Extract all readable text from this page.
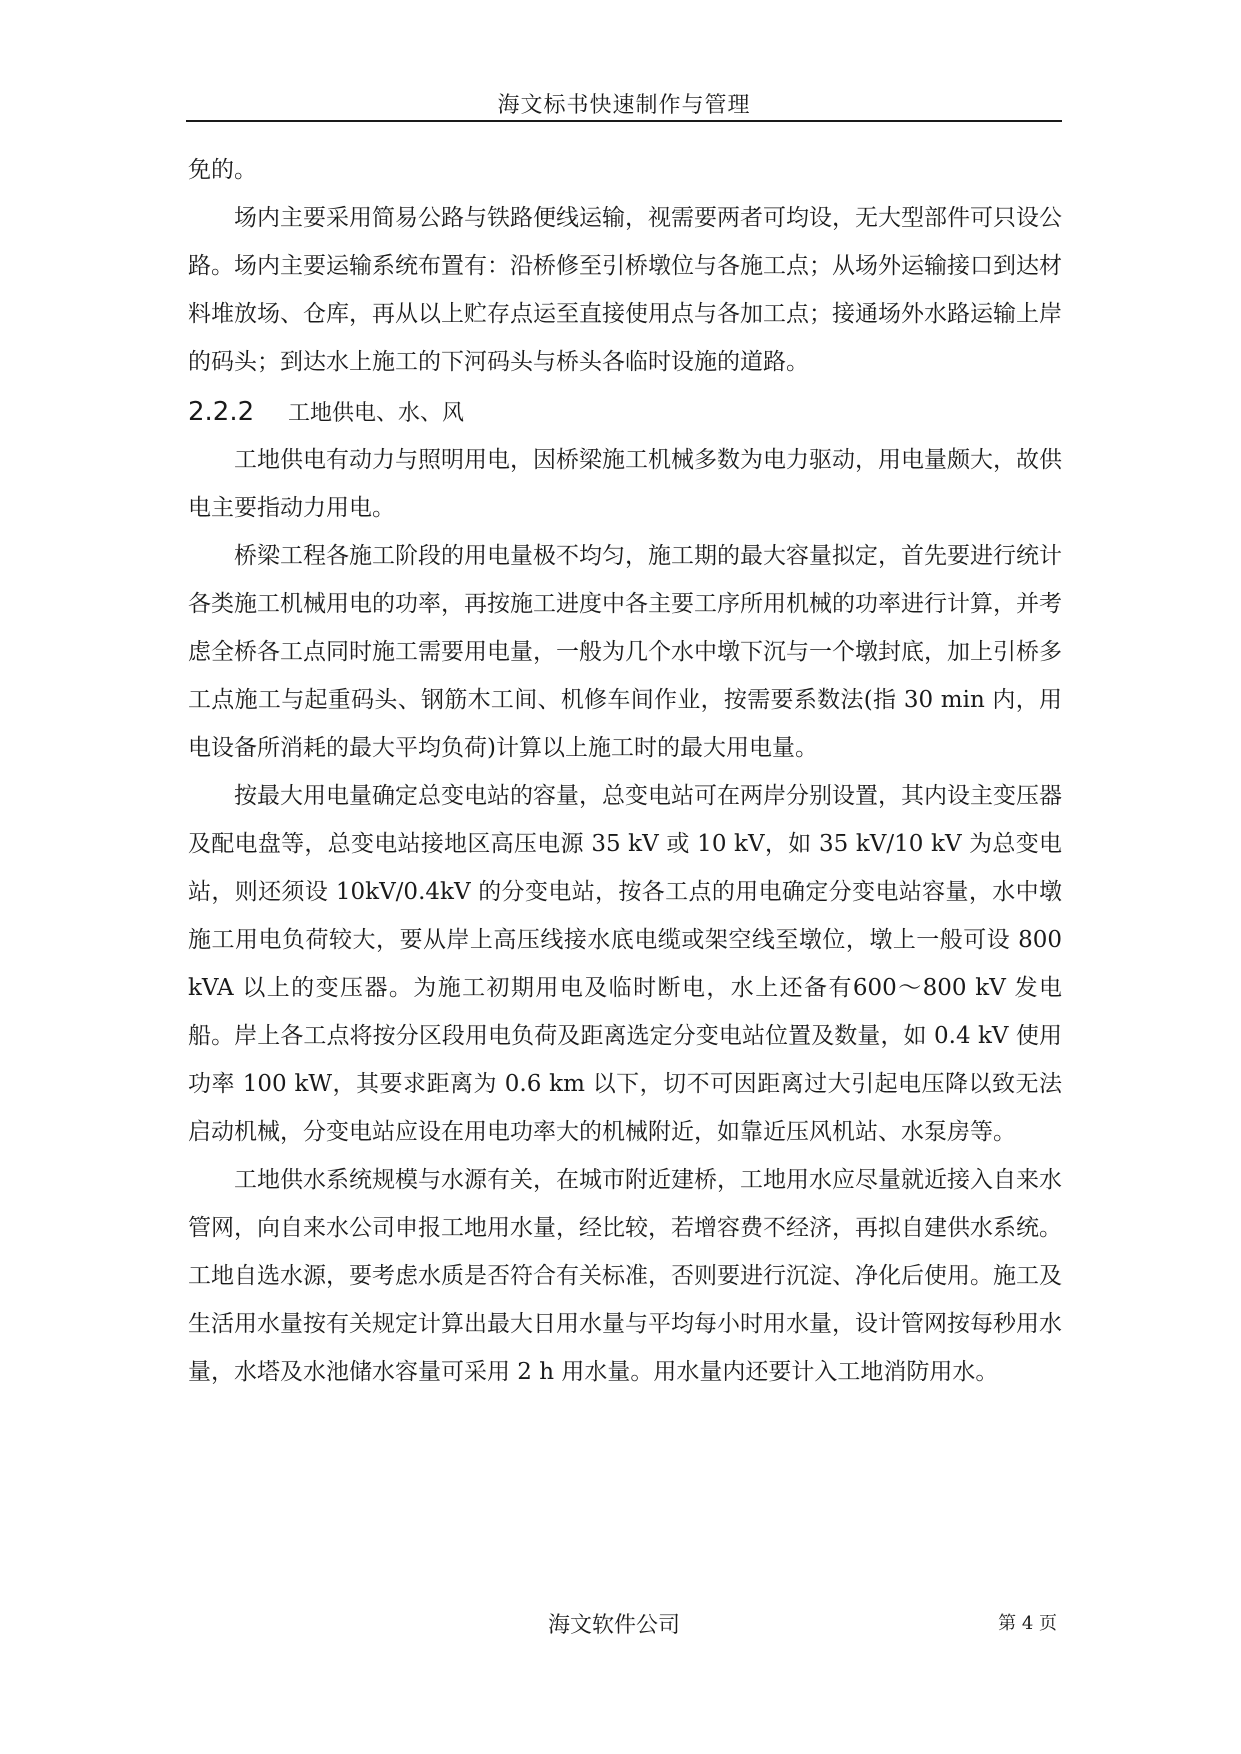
海文标书快速制作与管理

免的。

场内主要采用简易公路与铁路便线运输，视需要两者可均设，无大型部件可只设公路。场内主要运输系统布置有：沿桥修至引桥墩位与各施工点；从场外运输接口到达材料堆放场、仓库，再从以上贮存点运至直接使用点与各加工点；接通场外水路运输上岸的码头；到达水上施工的下河码头与桥头各临时设施的道路。

2.2.2 工地供电、水、风

工地供电有动力与照明用电，因桥梁施工机械多数为电力驱动，用电量颇大，故供电主要指动力用电。

桥梁工程各施工阶段的用电量极不均匀，施工期的最大容量拟定，首先要进行统计各类施工机械用电的功率，再按施工进度中各主要工序所用机械的功率进行计算，并考虑全桥各工点同时施工需要用电量，一般为几个水中墩下沉与一个墩封底，加上引桥多工点施工与起重码头、钢筋木工间、机修车间作业，按需要系数法(指 30 min 内，用电设备所消耗的最大平均负荷)计算以上施工时的最大用电量。

按最大用电量确定总变电站的容量，总变电站可在两岸分别设置，其内设主变压器及配电盘等，总变电站接地区高压电源 35 kV 或 10 kV，如 35 kV/10 kV 为总变电站，则还须设 10kV/0.4kV 的分变电站，按各工点的用电确定分变电站容量，水中墩施工用电负荷较大，要从岸上高压线接水底电缆或架空线至墩位，墩上一般可设 800 kVA 以上的变压器。为施工初期用电及临时断电，水上还备有600～800 kV 发电船。岸上各工点将按分区段用电负荷及距离选定分变电站位置及数量，如 0.4 kV 使用功率 100 kW，其要求距离为 0.6 km 以下，切不可因距离过大引起电压降以致无法启动机械，分变电站应设在用电功率大的机械附近，如靠近压风机站、水泵房等。

工地供水系统规模与水源有关，在城市附近建桥，工地用水应尽量就近接入自来水管网，向自来水公司申报工地用水量，经比较，若增容费不经济，再拟自建供水系统。工地自选水源，要考虑水质是否符合有关标准，否则要进行沉淀、净化后使用。施工及生活用水量按有关规定计算出最大日用水量与平均每小时用水量，设计管网按每秒用水量，水塔及水池储水容量可采用 2 h 用水量。用水量内还要计入工地消防用水。

海文软件公司	第 4 页
